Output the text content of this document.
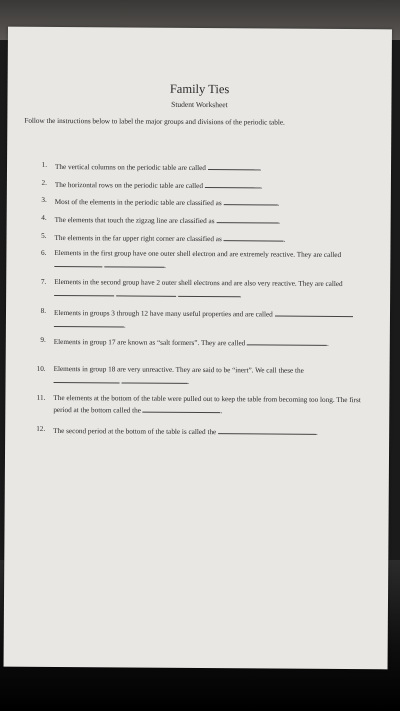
Family Ties
Student Worksheet
Follow the instructions below to label the major groups and divisions of the periodic table.
1. The vertical columns on the periodic table are called	.
2. The horizontal rows on the periodic table are called	.
3. Most of the elements in the periodic table are classified as	.
4. The elements that touch the zigzag line are classified as	.
5. The elements in the far upper right corner are classified as	.
6. Elements in the first group have one outer shell electron and are extremely reactive. They are called  .
7. Elements in the second group have 2 outer shell electrons and are also very reactive. They are called   .
8. Elements in groups 3 through 12 have many useful properties and are called  .
9. Elements in group 17 are known as “salt formers”. They are called	.
10. Elements in group 18 are very unreactive. They are said to be “inert”. We call these the  .
11. The elements at the bottom of the table were pulled out to keep the table from becoming too long. The first period at the bottom called the	.
12. The second period at the bottom of the table is called the	.
